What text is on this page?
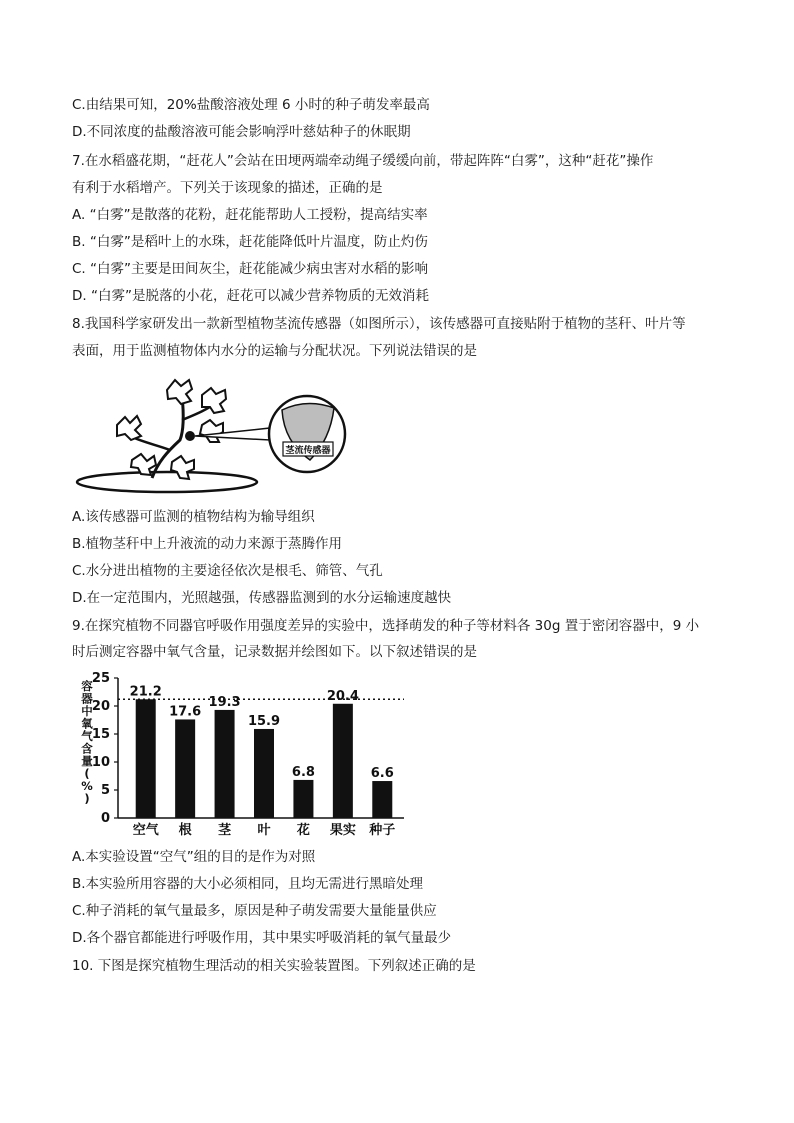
C.由结果可知，20%盐酸溶液处理 6 小时的种子萌发率最高
D.不同浓度的盐酸溶液可能会影响浮叶慈姑种子的休眠期
7.在水稻盛花期，“赶花人”会站在田埂两端牵动绳子缓缓向前，带起阵阵“白雾”，这种“赶花”操作
有利于水稻增产。下列关于该现象的描述，正确的是
A. “白雾”是散落的花粉，赶花能帮助人工授粉，提高结实率
B. “白雾”是稻叶上的水珠，赶花能降低叶片温度，防止灼伤
C. “白雾”主要是田间灰尘，赶花能减少病虫害对水稻的影响
D. “白雾”是脱落的小花，赶花可以减少营养物质的无效消耗
8.我国科学家研发出一款新型植物茎流传感器（如图所示），该传感器可直接贴附于植物的茎秆、叶片等
表面，用于监测植物体内水分的运输与分配状况。下列说法错误的是
茎流传感器
A.该传感器可监测的植物结构为输导组织
B.植物茎秆中上升液流的动力来源于蒸腾作用
C.水分进出植物的主要途径依次是根毛、筛管、气孔
D.在一定范围内，光照越强，传感器监测到的水分运输速度越快
9.在探究植物不同器官呼吸作用强度差异的实验中，选择萌发的种子等材料各 30g 置于密闭容器中，9 小
时后测定容器中氧气含量，记录数据并绘图如下。以下叙述错误的是
0
5
10
15
20
25
容
器
中
氧
气
含
量
(
%
)
21.2
空气
17.6
根
19.3
茎
15.9
叶
6.8
花
20.4
果实
6.6
种子
A.本实验设置“空气”组的目的是作为对照
B.本实验所用容器的大小必须相同，且均无需进行黑暗处理
C.种子消耗的氧气量最多，原因是种子萌发需要大量能量供应
D.各个器官都能进行呼吸作用，其中果实呼吸消耗的氧气量最少
10. 下图是探究植物生理活动的相关实验装置图。下列叙述正确的是
